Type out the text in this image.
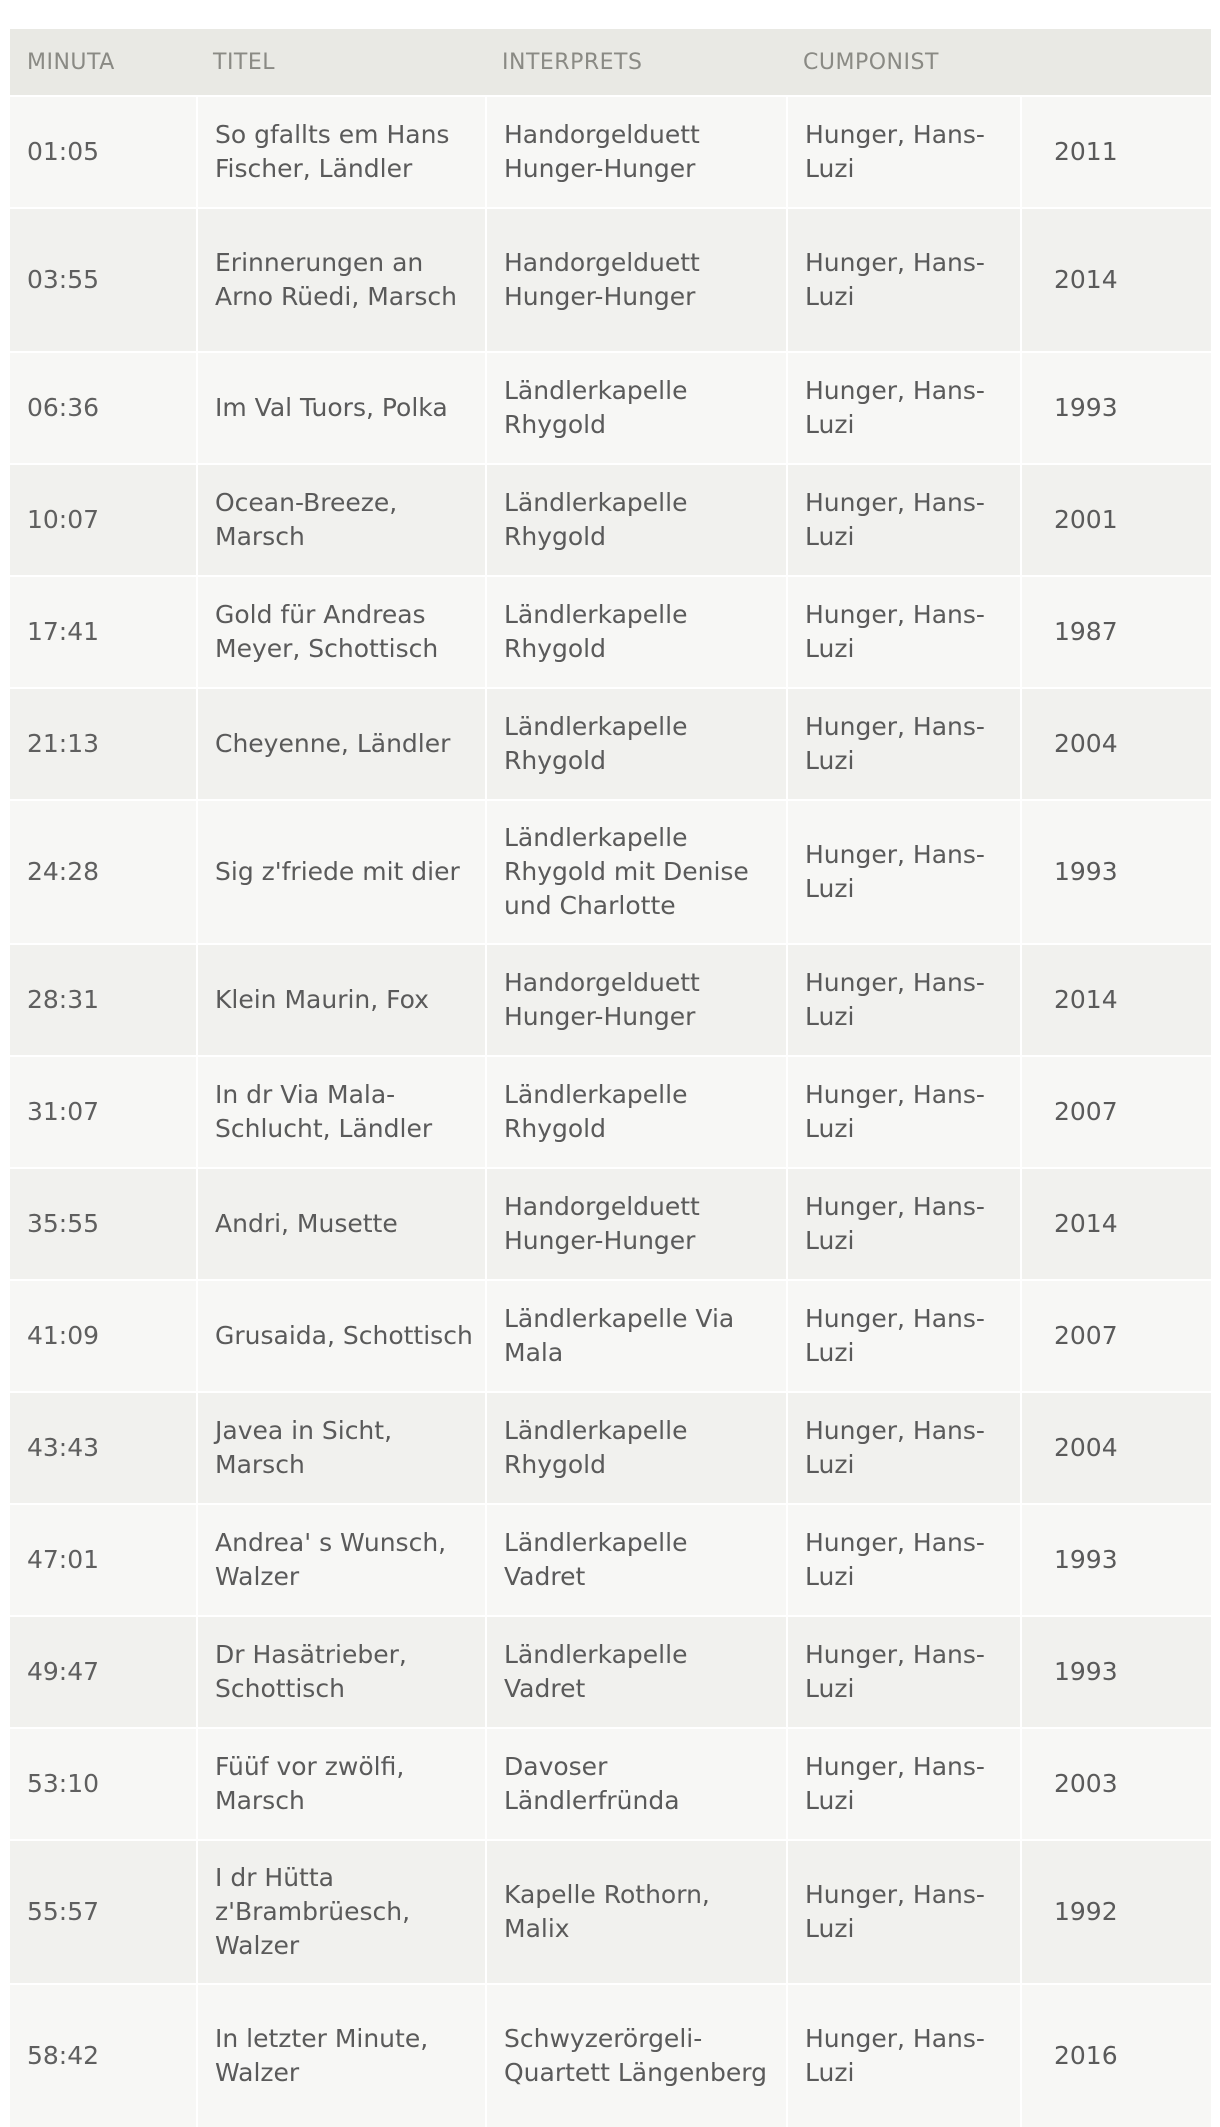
MINUTA	TITEL	INTERPRETS	CUMPONIST	
01:05	So gfallts em Hans Fischer, Ländler	Handorgelduett Hunger-Hunger	Hunger, Hans-Luzi	2011
03:55	Erinnerungen an Arno Rüedi, Marsch	Handorgelduett Hunger-Hunger	Hunger, Hans-Luzi	2014
06:36	Im Val Tuors, Polka	Ländlerkapelle Rhygold	Hunger, Hans-Luzi	1993
10:07	Ocean-Breeze, Marsch	Ländlerkapelle Rhygold	Hunger, Hans-Luzi	2001
17:41	Gold für Andreas Meyer, Schottisch	Ländlerkapelle Rhygold	Hunger, Hans-Luzi	1987
21:13	Cheyenne, Ländler	Ländlerkapelle Rhygold	Hunger, Hans-Luzi	2004
24:28	Sig z'friede mit dier	Ländlerkapelle Rhygold mit Denise und Charlotte	Hunger, Hans-Luzi	1993
28:31	Klein Maurin, Fox	Handorgelduett Hunger-Hunger	Hunger, Hans-Luzi	2014
31:07	In dr Via Mala-Schlucht, Ländler	Ländlerkapelle Rhygold	Hunger, Hans-Luzi	2007
35:55	Andri, Musette	Handorgelduett Hunger-Hunger	Hunger, Hans-Luzi	2014
41:09	Grusaida, Schottisch	Ländlerkapelle Via Mala	Hunger, Hans-Luzi	2007
43:43	Javea in Sicht, Marsch	Ländlerkapelle Rhygold	Hunger, Hans-Luzi	2004
47:01	Andrea' s Wunsch, Walzer	Ländlerkapelle Vadret	Hunger, Hans-Luzi	1993
49:47	Dr Hasätrieber, Schottisch	Ländlerkapelle Vadret	Hunger, Hans-Luzi	1993
53:10	Füüf vor zwölfi, Marsch	Davoser Ländlerfründa	Hunger, Hans-Luzi	2003
55:57	I dr Hütta z'Brambrüesch, Walzer	Kapelle Rothorn, Malix	Hunger, Hans-Luzi	1992
58:42	In letzter Minute, Walzer	Schwyzerörgeli-Quartett Längenberg	Hunger, Hans-Luzi	2016
